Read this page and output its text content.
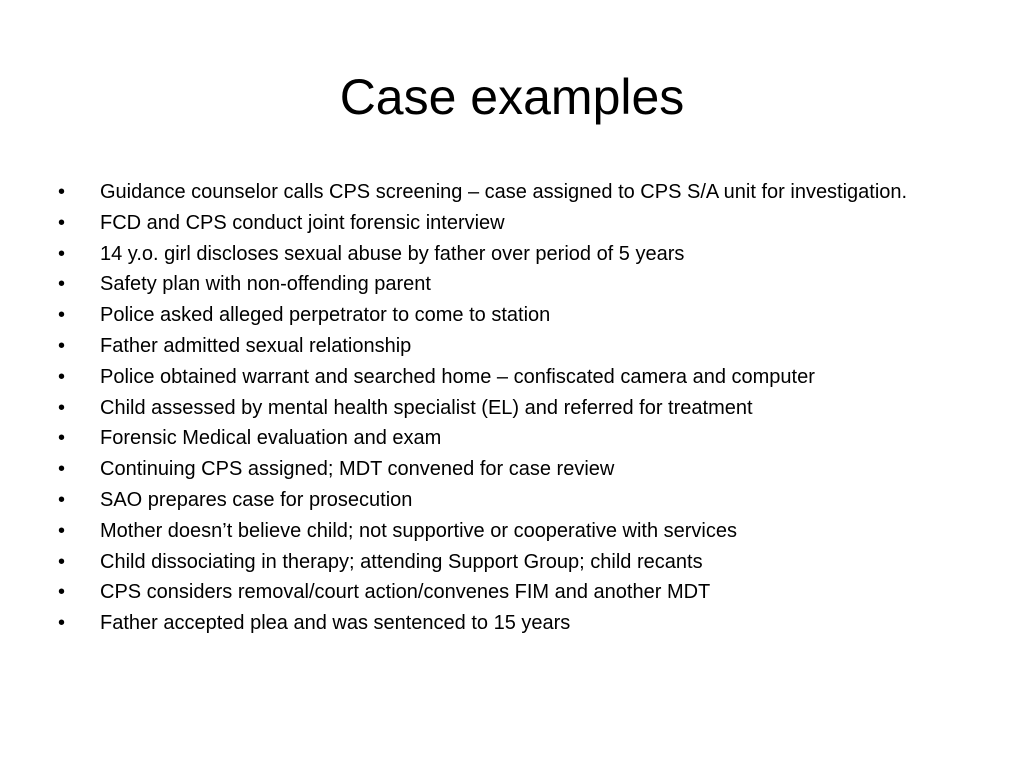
Case examples
•	Guidance counselor calls CPS screening – case assigned to CPS S/A unit for investigation.
•	FCD and CPS conduct joint forensic interview
•	14 y.o. girl discloses sexual abuse by father over period of 5 years
•	Safety plan with non-offending parent
•	Police asked alleged perpetrator to come to station
•	Father admitted sexual relationship
•	Police obtained warrant and searched home – confiscated camera and computer
•	Child assessed by mental health specialist (EL) and referred for treatment
•	Forensic Medical evaluation and exam
•	Continuing CPS assigned; MDT convened for case review
•	SAO prepares case for prosecution
•	Mother doesn’t believe child; not supportive or cooperative with services
•	Child dissociating in therapy; attending Support Group; child recants
•	CPS considers removal/court action/convenes FIM and another MDT
•	Father accepted plea and was sentenced to 15 years
